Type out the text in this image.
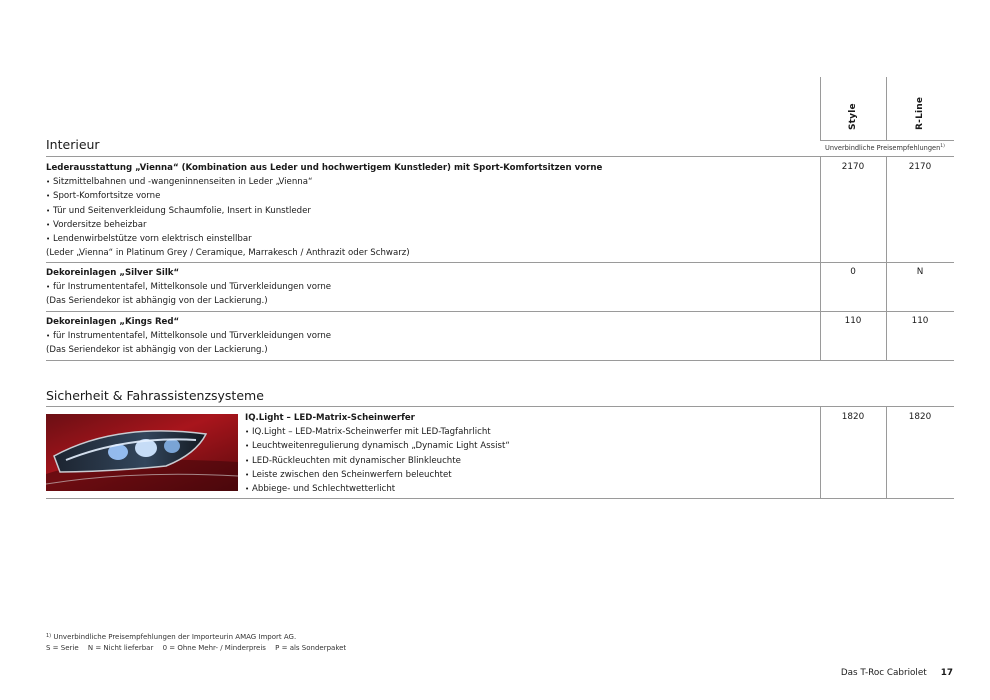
Style	R-Line
Interieur	Unverbindliche Preisempfehlungen$^{1)}$
Lederausstattung „Vienna“ (Kombination aus Leder und hochwertigem Kunstleder) mit Sport-Komfortsitzen vorne
• Sitzmittelbahnen und -wangeninnenseiten in Leder „Vienna“
• Sport-Komfortsitze vorne
• Tür und Seitenverkleidung Schaumfolie, Insert in Kunstleder
• Vordersitze beheizbar
• Lendenwirbelstütze vorn elektrisch einstellbar
(Leder „Vienna“ in Platinum Grey / Ceramique, Marrakesch / Anthrazit oder Schwarz)
2170	2170
Dekoreinlagen „Silver Silk“
• für Instrumententafel, Mittelkonsole und Türverkleidungen vorne
(Das Seriendekor ist abhängig von der Lackierung.)
0	N
Dekoreinlagen „Kings Red“
• für Instrumententafel, Mittelkonsole und Türverkleidungen vorne
(Das Seriendekor ist abhängig von der Lackierung.)
110	110
Sicherheit & Fahrassistenzsysteme
IQ.Light – LED-Matrix-Scheinwerfer
• IQ.Light – LED-Matrix-Scheinwerfer mit LED-Tagfahrlicht
• Leuchtweitenregulierung dynamisch „Dynamic Light Assist“
• LED-Rückleuchten mit dynamischer Blinkleuchte
• Leiste zwischen den Scheinwerfern beleuchtet
• Abbiege- und Schlechtwetterlicht
1820	1820
$^{1)}$ Unverbindliche Preisempfehlungen der Importeurin AMAG Import AG.
S = Serie N = Nicht lieferbar 0 = Ohne Mehr- / Minderpreis P = als Sonderpaket
Das T-Roc Cabriolet 17
